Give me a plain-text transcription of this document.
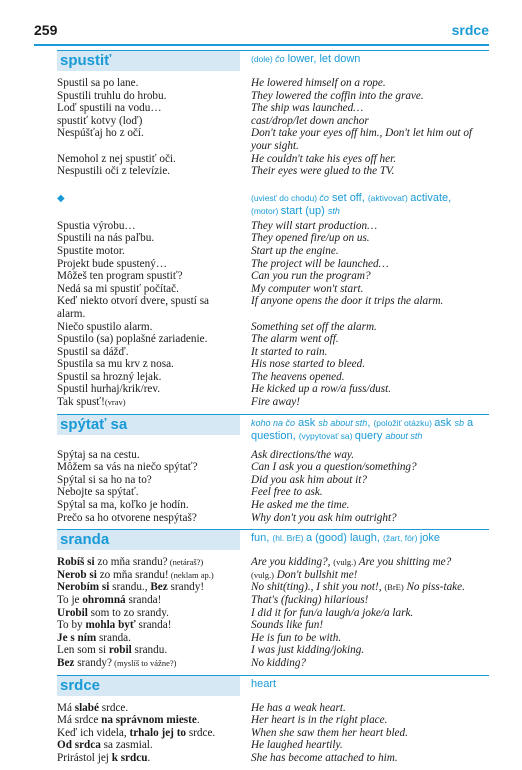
259	srdce
spustiť	(dole) čo lower, let down
Spustil sa po lane.	He lowered himself on a rope.
Spustili truhlu do hrobu.	They lowered the coffin into the grave.
Loď spustili na vodu…	The ship was launched…
spustiť kotvy (loď)	cast/drop/let down anchor
Nespúšťaj ho z očí.	Don't take your eyes off him., Don't let him out of
your sight.
Nemohol z nej spustiť oči.	He couldn't take his eyes off her.
Nespustili oči z televízie.	Their eyes were glued to the TV.
◆	(uviesť do chodu) čo set off, (aktivovať) activate,
(motor) start (up) sth
Spustia výrobu…	They will start production…
Spustili na nás paľbu.	They opened fire/up on us.
Spustite motor.	Start up the engine.
Projekt bude spustený…	The project will be launched…
Môžeš ten program spustiť?	Can you run the program?
Nedá sa mi spustiť počítač.	My computer won't start.
Keď niekto otvorí dvere, spustí sa	If anyone opens the door it trips the alarm.
alarm.
Niečo spustilo alarm.	Something set off the alarm.
Spustilo (sa) poplašné zariadenie.	The alarm went off.
Spustil sa dážď.	It started to rain.
Spustila sa mu krv z nosa.	His nose started to bleed.
Spustil sa hrozný lejak.	The heavens opened.
Spustil hurhaj/krik/rev.	He kicked up a row/a fuss/dust.
Tak spusť!(vrav)	Fire away!
spýtať sa	koho na čo ask sb about sth, (položiť otázku) ask sb a
question, (vypytovať sa) query about sth
Spýtaj sa na cestu.	Ask directions/the way.
Môžem sa vás na niečo spýtať?	Can I ask you a question/something?
Spýtal si sa ho na to?	Did you ask him about it?
Nebojte sa spýtať.	Feel free to ask.
Spýtal sa ma, koľko je hodín.	He asked me the time.
Prečo sa ho otvorene nespýtaš?	Why don't you ask him outright?
sranda	fun, (hl. BrE) a (good) laugh, (žart, fór) joke
Robíš si zo mňa srandu? (netáraš?)	Are you kidding?, (vulg.) Are you shitting me?
Nerob si zo mňa srandu! (neklam ap.)	(vulg.) Don't bullshit me!
Nerobím si srandu., Bez srandy!	No shit(ting)., I shit you not!, (BrE) No piss-take.
To je ohromná sranda!	That's (fucking) hilarious!
Urobil som to zo srandy.	I did it for fun/a laugh/a joke/a lark.
To by mohla byť sranda!	Sounds like fun!
Je s ním sranda.	He is fun to be with.
Len som si robil srandu.	I was just kidding/joking.
Bez srandy? (myslíš to vážne?)	No kidding?
srdce	heart
Má slabé srdce.	He has a weak heart.
Má srdce na správnom mieste.	Her heart is in the right place.
Keď ich videla, trhalo jej to srdce.	When she saw them her heart bled.
Od srdca sa zasmial.	He laughed heartily.
Prirástol jej k srdcu.	She has become attached to him.
